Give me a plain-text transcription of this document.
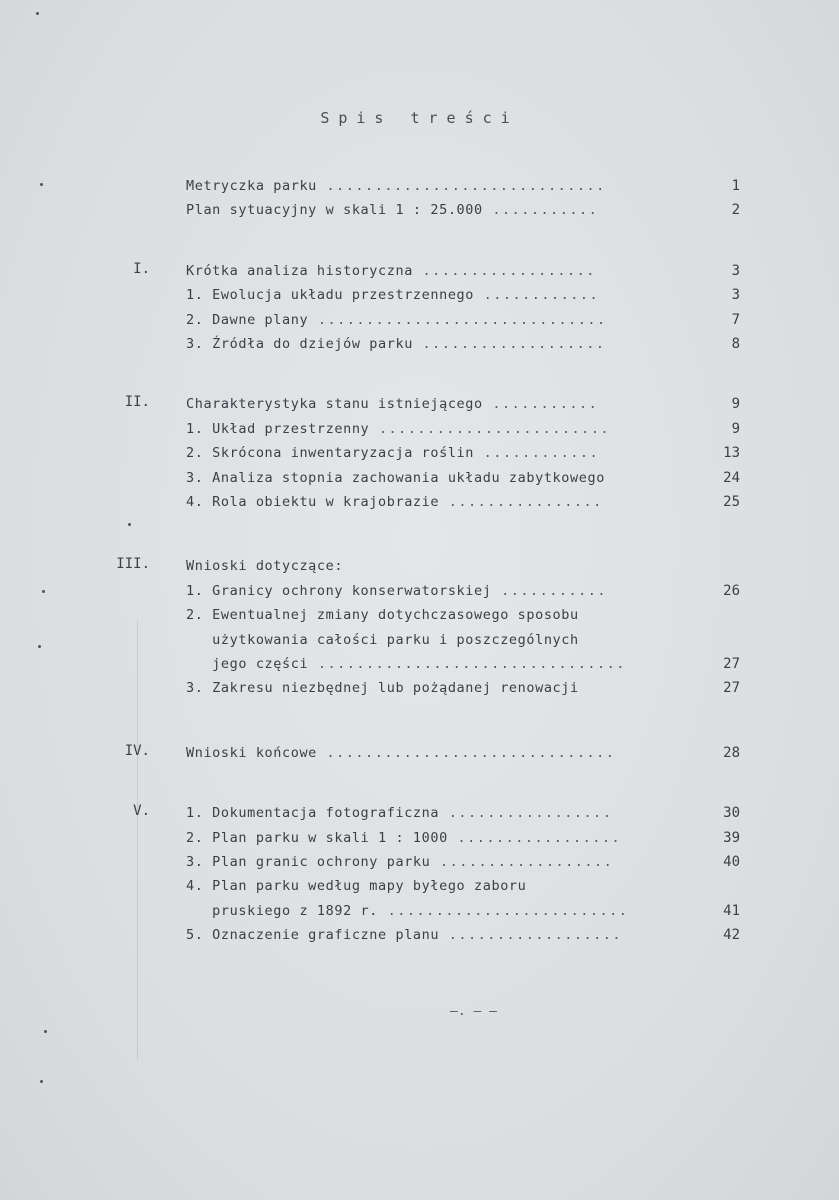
Spis treści
Metryczka parku .............................	1
Plan sytuacyjny w skali 1 : 25.000 ...........	2
I.	Krótka analiza historyczna ..................	3
1. Ewolucja układu przestrzennego ............	3
2. Dawne plany ..............................	7
3. Źródła do dziejów parku ...................	8
II.	Charakterystyka stanu istniejącego ...........	9
1. Układ przestrzenny ........................	9
2. Skrócona inwentaryzacja roślin ............	13
3. Analiza stopnia zachowania układu zabytkowego	24
4. Rola obiektu w krajobrazie ................	25
III.	Wnioski dotyczące:
1. Granicy ochrony konserwatorskiej ...........	26
2. Ewentualnej zmiany dotychczasowego sposobu
użytkowania całości parku i poszczególnych
jego części ................................	27
3. Zakresu niezbędnej lub pożądanej renowacji	27
IV.	Wnioski końcowe ..............................	28
V.	1. Dokumentacja fotograficzna .................	30
2. Plan parku w skali 1 : 1000 .................	39
3. Plan granic ochrony parku ..................	40
4. Plan parku według mapy byłego zaboru
pruskiego z 1892 r. .........................	41
5. Oznaczenie graficzne planu ..................	42
–. – –
